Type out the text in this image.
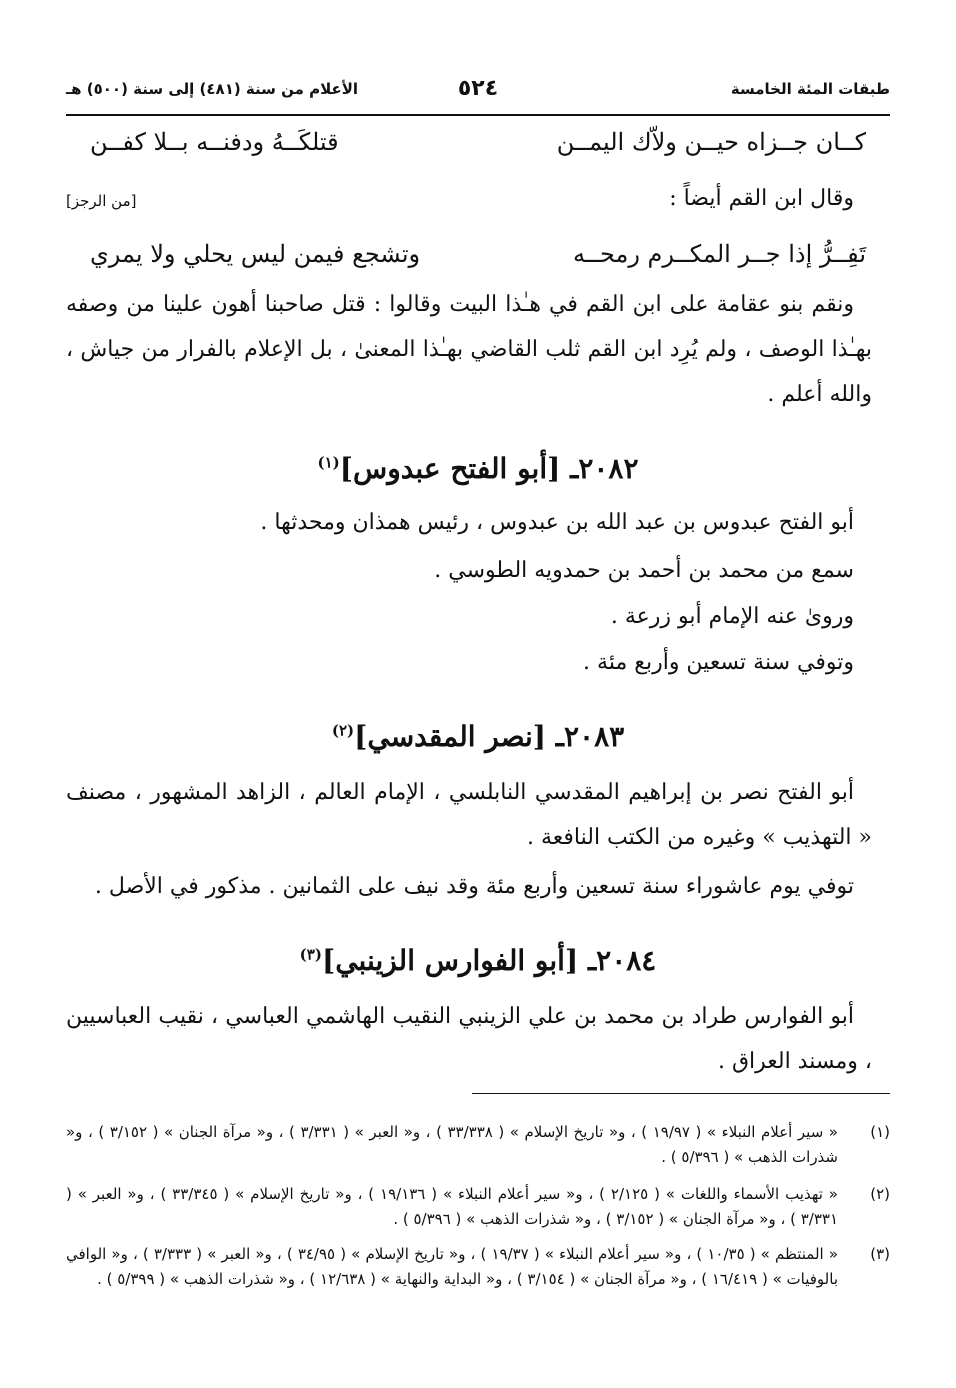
طبقات المئة الخامسة
٥٢٤
الأعلام من سنة (٤٨١) إلى سنة (٥٠٠) هـ
كــان جــزاه حيــن ولاّك اليمــن
قتلكَــهُ ودفنــه بــلا كفــن
وقال ابن القم أيضاً :
[من الرجز]
تَفِــرُّ إذا جــر المكــرم رمحــه
وتشجع فيمن ليس يحلي ولا يمري
ونقم بنو عقامة على ابن القم في هـٰذا البيت وقالوا : قتل صاحبنا أهون علينا من وصفه بهـٰذا الوصف ، ولم يُرِد ابن القم ثلب القاضي بهـٰذا المعنىٰ ، بل الإعلام بالفرار من جياش ، والله أعلم .
٢٠٨٢ـ [أبو الفتح عبدوس]$^{(١)}$
أبو الفتح عبدوس بن عبد الله بن عبدوس ، رئيس همذان ومحدثها .
سمع من محمد بن أحمد بن حمدويه الطوسي .
وروىٰ عنه الإمام أبو زرعة .
وتوفي سنة تسعين وأربع مئة .
٢٠٨٣ـ [نصر المقدسي]$^{(٢)}$
أبو الفتح نصر بن إبراهيم المقدسي النابلسي ، الإمام العالم ، الزاهد المشهور ، مصنف « التهذيب » وغيره من الكتب النافعة .
توفي يوم عاشوراء سنة تسعين وأربع مئة وقد نيف على الثمانين . مذكور في الأصل .
٢٠٨٤ـ [أبو الفوارس الزينبي]$^{(٣)}$
أبو الفوارس طراد بن محمد بن علي الزينبي النقيب الهاشمي العباسي ، نقيب العباسيين ، ومسند العراق .
(١)
« سير أعلام النبلاء » ( ١٩/٩٧ ) ، و« تاريخ الإسلام » ( ٣٣/٣٣٨ ) ، و« العبر » ( ٣/٣٣١ ) ، و« مرآة الجنان » ( ٣/١٥٢ ) ، و« شذرات الذهب » ( ٥/٣٩٦ ) .
(٢)
« تهذيب الأسماء واللغات » ( ٢/١٢٥ ) ، و« سير أعلام النبلاء » ( ١٩/١٣٦ ) ، و« تاريخ الإسلام » ( ٣٣/٣٤٥ ) ، و« العبر » ( ٣/٣٣١ ) ، و« مرآة الجنان » ( ٣/١٥٢ ) ، و« شذرات الذهب » ( ٥/٣٩٦ ) .
(٣)
« المنتظم » ( ١٠/٣٥ ) ، و« سير أعلام النبلاء » ( ١٩/٣٧ ) ، و« تاريخ الإسلام » ( ٣٤/٩٥ ) ، و« العبر » ( ٣/٣٣٣ ) ، و« الوافي بالوفيات » ( ١٦/٤١٩ ) ، و« مرآة الجنان » ( ٣/١٥٤ ) ، و« البداية والنهاية » ( ١٢/٦٣٨ ) ، و« شذرات الذهب » ( ٥/٣٩٩ ) .
